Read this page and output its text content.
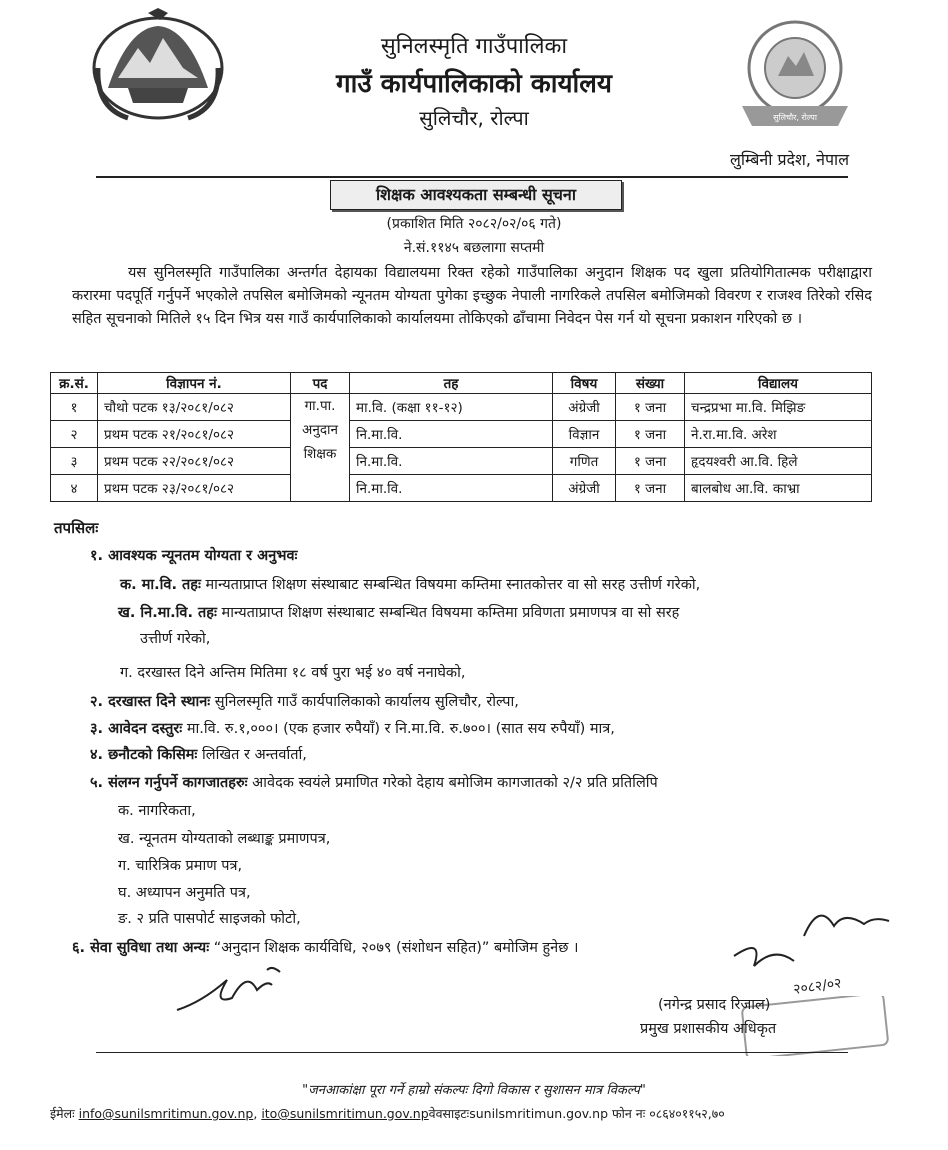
सुलिचौर, रोल्पा
सुनिलस्मृति गाउँपालिका
गाउँ कार्यपालिकाको कार्यालय
सुलिचौर, रोल्पा
लुम्बिनी प्रदेश, नेपाल
शिक्षक आवश्यकता सम्बन्धी सूचना
(प्रकाशित मिति २०८२/०२/०६ गते)
ने.सं.११४५ बछलागा सप्तमी
यस सुनिलस्मृति गाउँपालिका अन्तर्गत देहायका विद्यालयमा रिक्त रहेको गाउँपालिका अनुदान शिक्षक पद खुला प्रतियोगितात्मक परीक्षाद्वारा करारमा पदपूर्ति गर्नुपर्ने भएकोले तपसिल बमोजिमको न्यूनतम योग्यता पुगेका इच्छुक नेपाली नागरिकले तपसिल बमोजिमको विवरण र राजश्व तिरेको रसिद सहित सूचनाको मितिले १५ दिन भित्र यस गाउँ कार्यपालिकाको कार्यालयमा तोकिएको ढाँचामा निवेदन पेस गर्न यो सूचना प्रकाशन गरिएको छ ।
क्र.सं.	विज्ञापन नं.	पद	तह	विषय	संख्या	विद्यालय
१	चौथो पटक १३/२०८१/०८२	गा.पा.
अनुदान
शिक्षक	मा.वि. (कक्षा ११-१२)	अंग्रेजी	१ जना	चन्द्रप्रभा मा.वि. मिझिङ
२	प्रथम पटक २१/२०८१/०८२		नि.मा.वि.	विज्ञान	१ जना	ने.रा.मा.वि. अरेश
३	प्रथम पटक २२/२०८१/०८२		नि.मा.वि.	गणित	१ जना	हृदयश्वरी आ.वि. हिले
४	प्रथम पटक २३/२०८१/०८२		नि.मा.वि.	अंग्रेजी	१ जना	बालबोध आ.वि. काभ्रा
तपसिलः
१. आवश्यक न्यूनतम योग्यता र अनुभवः
क. मा.वि. तहः मान्यताप्राप्त शिक्षण संस्थाबाट सम्बन्धित विषयमा कम्तिमा स्नातकोत्तर वा सो सरह उत्तीर्ण गरेको,
ख. नि.मा.वि. तहः मान्यताप्राप्त शिक्षण संस्थाबाट सम्बन्धित विषयमा कम्तिमा प्रविणता प्रमाणपत्र वा सो सरह
उत्तीर्ण गरेको,
ग. दरखास्त दिने अन्तिम मितिमा १८ वर्ष पुरा भई ४० वर्ष ननाघेको,
२. दरखास्त दिने स्थानः सुनिलस्मृति गाउँ कार्यपालिकाको कार्यालय सुलिचौर, रोल्पा,
३. आवेदन दस्तुरः मा.वि. रु.१,०००। (एक हजार रुपैयाँ) र नि.मा.वि. रु.७००। (सात सय रुपैयाँ) मात्र,
४. छनौटको किसिमः लिखित र अन्तर्वार्ता,
५. संलग्न गर्नुपर्ने कागजातहरुः आवेदक स्वयंले प्रमाणित गरेको देहाय बमोजिम कागजातको २/२ प्रति प्रतिलिपि
क. नागरिकता,
ख. न्यूनतम योग्यताको लब्धाङ्क प्रमाणपत्र,
ग. चारित्रिक प्रमाण पत्र,
घ. अध्यापन अनुमति पत्र,
ङ. २ प्रति पासपोर्ट साइजको फोटो,
६. सेवा सुविधा तथा अन्यः “अनुदान शिक्षक कार्यविधि, २०७९ (संशोधन सहित)” बमोजिम हुनेछ ।
२०८२/०२
(नगेन्द्र प्रसाद रिजाल)
प्रमुख प्रशासकीय अधिकृत
"जनआकांक्षा पूरा गर्ने हाम्रो संकल्पः दिगो विकास र सुशासन मात्र विकल्प"
ईमेलः info@sunilsmritimun.gov.np, ito@sunilsmritimun.gov.npवेवसाइटःsunilsmritimun.gov.np फोन नः ०८६४०११५२,७०
